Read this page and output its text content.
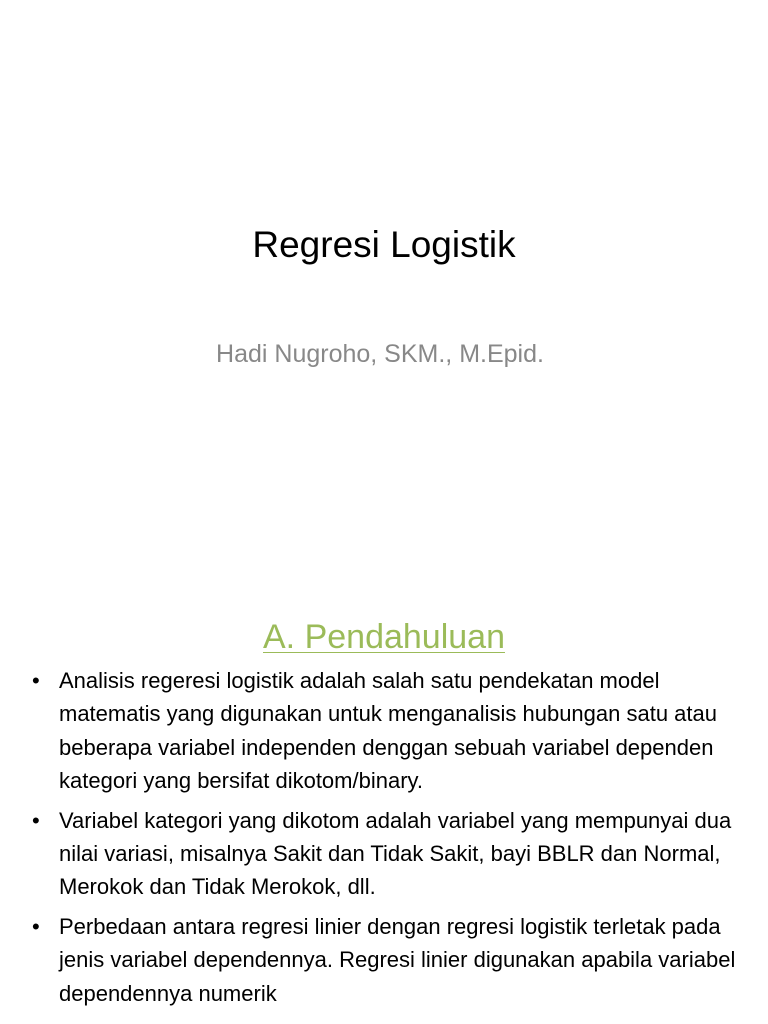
Regresi Logistik
Hadi Nugroho, SKM., M.Epid.
A. Pendahuluan
• Analisis regeresi logistik adalah salah satu pendekatan model matematis yang digunakan untuk menganalisis hubungan satu atau beberapa variabel independen denggan sebuah variabel dependen kategori yang bersifat dikotom/binary.
• Variabel kategori yang dikotom adalah variabel yang mempunyai dua nilai variasi, misalnya Sakit dan Tidak Sakit, bayi BBLR dan Normal, Merokok dan Tidak Merokok, dll.
• Perbedaan antara regresi linier dengan regresi logistik terletak pada jenis variabel dependennya. Regresi linier digunakan apabila variabel dependennya numerik
